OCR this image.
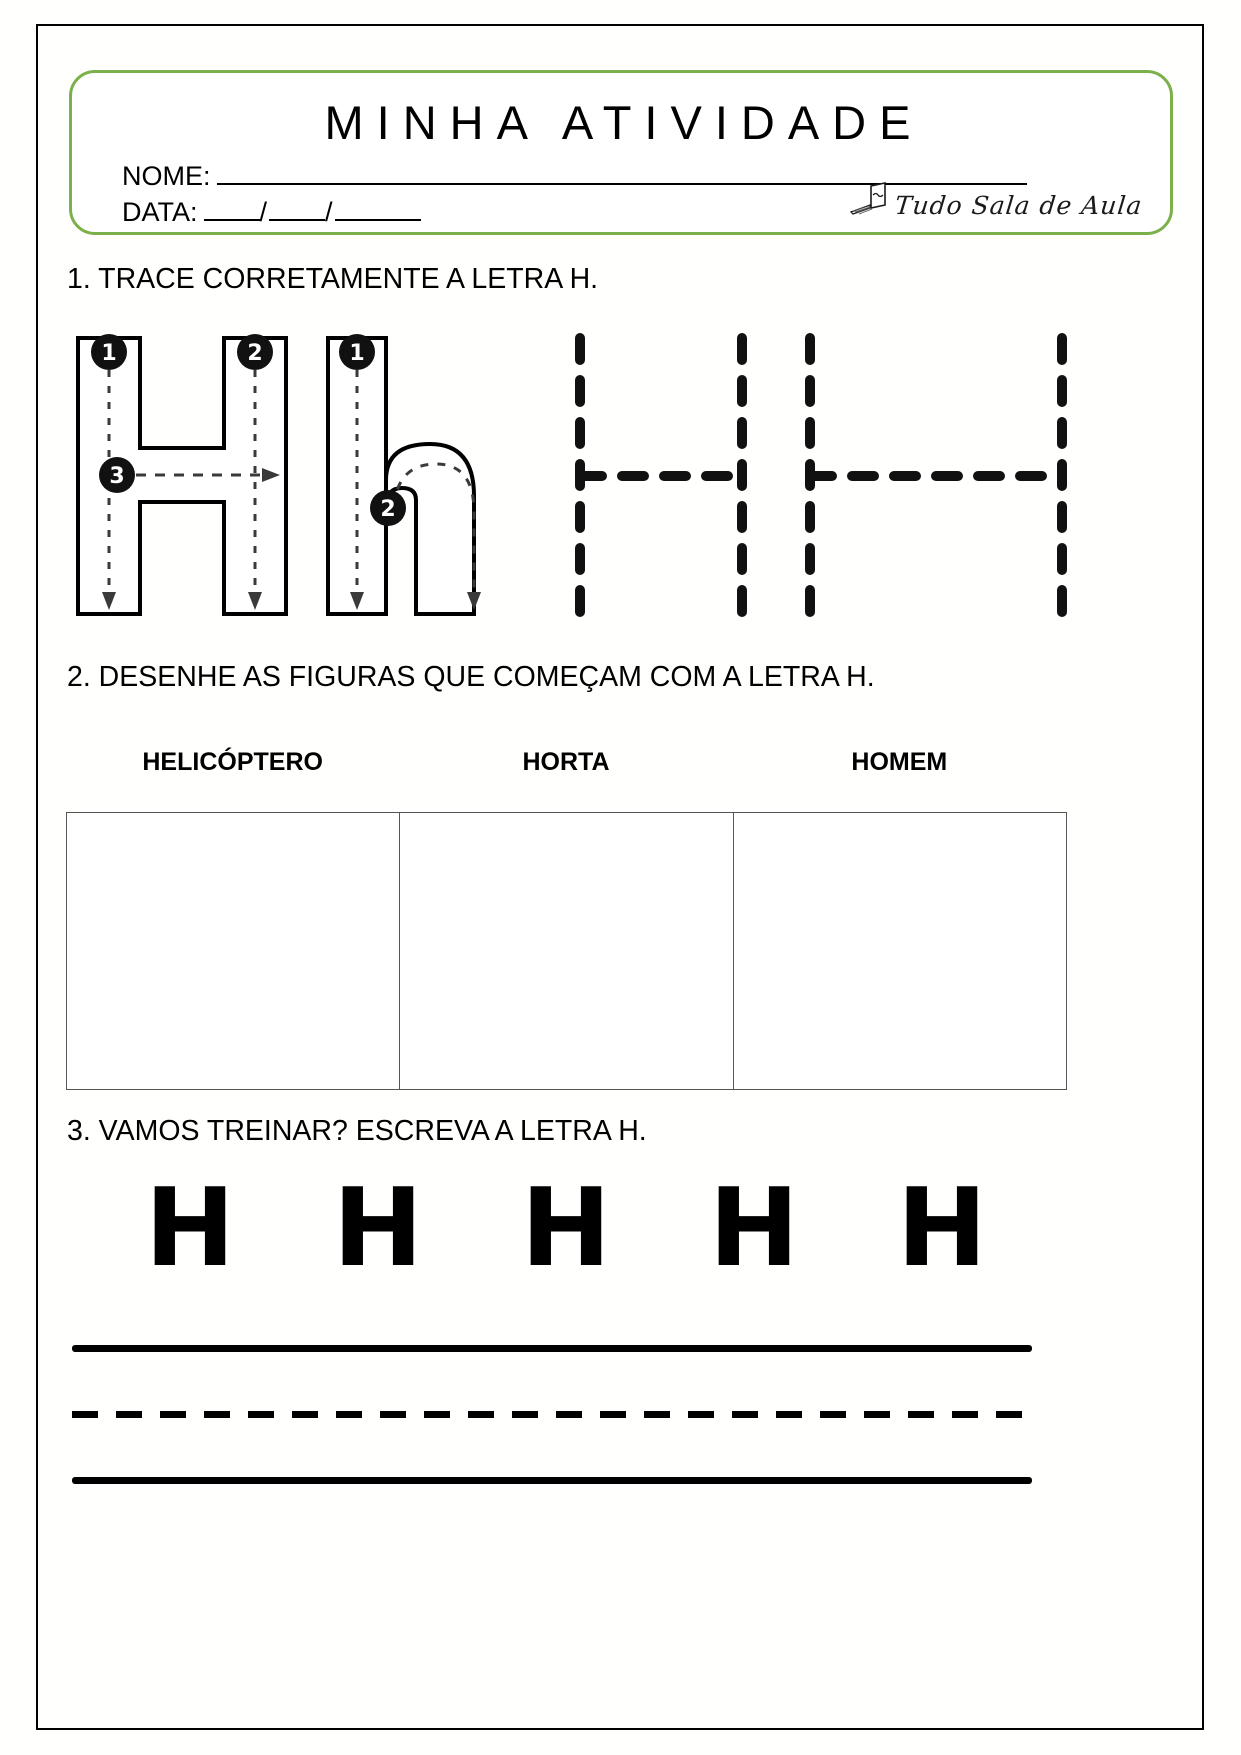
MINHA ATIVIDADE
NOME:
DATA: / /	Tudo Sala de Aula
1. TRACE CORRETAMENTE A LETRA H.
1	2
3
1
2
2. DESENHE AS FIGURAS QUE COMEÇAM COM A LETRA H.
HELICÓPTERO	HORTA	HOMEM
3. VAMOS TREINAR? ESCREVA A LETRA H.
H H H H H
